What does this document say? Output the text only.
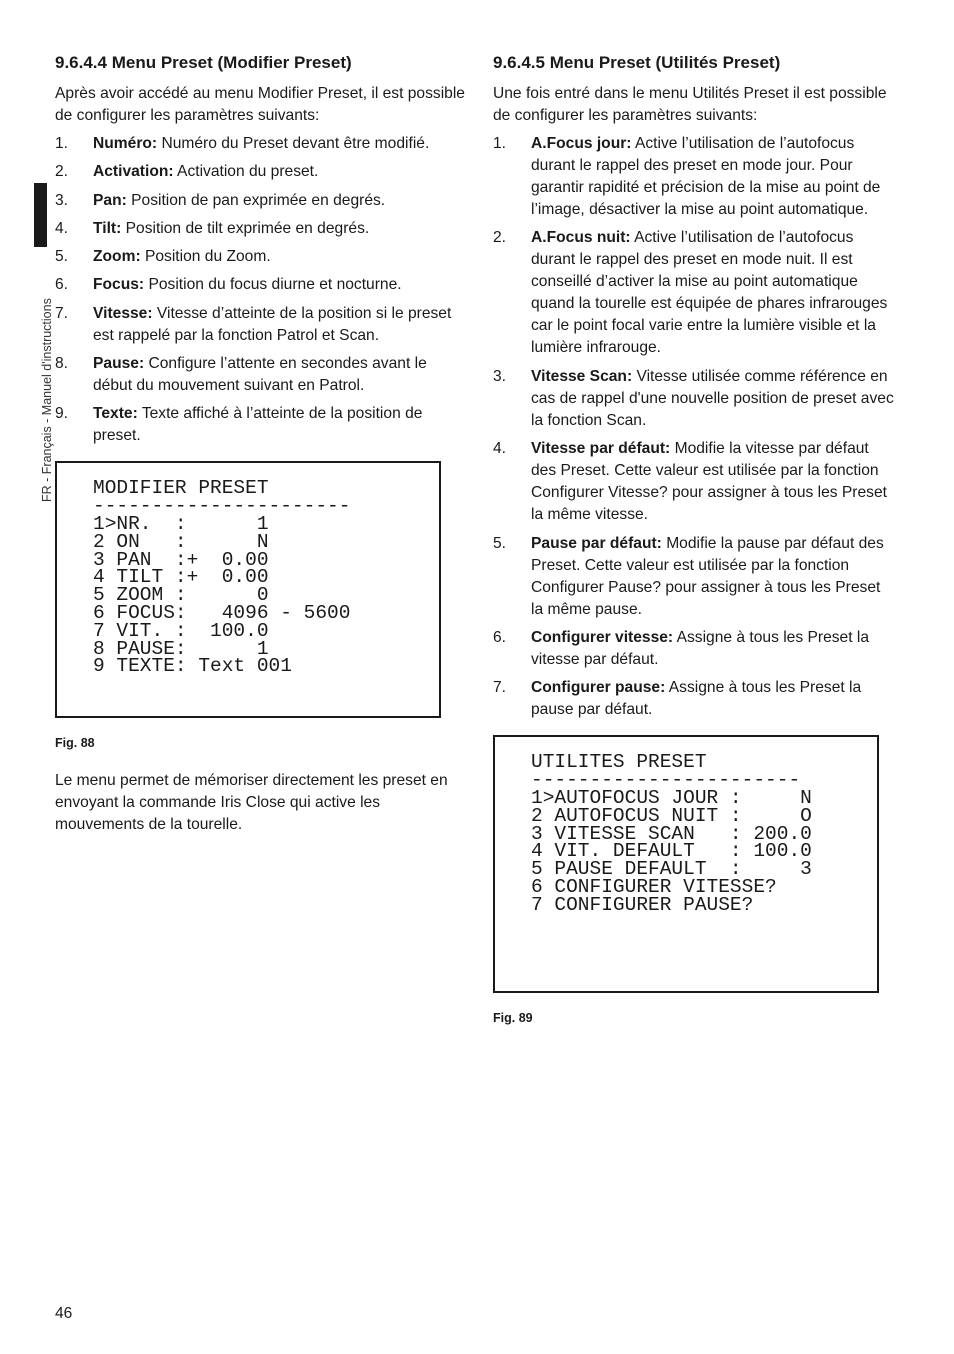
FR - Français - Manuel d'instructions
9.6.4.4 Menu Preset (Modifier Preset)

Après avoir accédé au menu Modifier Preset, il est possible de configurer les paramètres suivants:

1.	Numéro: Numéro du Preset devant être modifié.
2.	Activation: Activation du preset.
3.	Pan: Position de pan exprimée en degrés.
4.	Tilt: Position de tilt exprimée en degrés.
5.	Zoom: Position du Zoom.
6.	Focus: Position du focus diurne et nocturne.
7.	Vitesse: Vitesse d’atteinte de la position si le preset est rappelé par la fonction Patrol et Scan.
8.	Pause: Configure l’attente en secondes avant le début du mouvement suivant en Patrol.
9.	Texte: Texte affiché à l’atteinte de la position de preset.
MODIFIER PRESET
----------------------
1>NR.  :      1
2 ON   :      N
3 PAN  :+  0.00
4 TILT :+  0.00
5 ZOOM :      0
6 FOCUS:   4096 - 5600
7 VIT. :  100.0
8 PAUSE:      1
9 TEXTE: Text 001
Fig. 88

Le menu permet de mémoriser directement les preset en envoyant la commande Iris Close qui active les mouvements de la tourelle.

9.6.4.5 Menu Preset (Utilités Preset)

Une fois entré dans le menu Utilités Preset il est possible de configurer les paramètres suivants:

1.	A.Focus jour: Active l’utilisation de l’autofocus durant le rappel des preset en mode jour. Pour garantir rapidité et précision de la mise au point de l’image, désactiver la mise au point automatique.
2.	A.Focus nuit: Active l’utilisation de l’autofocus durant le rappel des preset en mode nuit. Il est conseillé d’activer la mise au point automatique quand la tourelle est équipée de phares infrarouges car le point focal varie entre la lumière visible et la lumière infrarouge.
3.	Vitesse Scan: Vitesse utilisée comme référence en cas de rappel d'une nouvelle position de preset avec la fonction Scan.
4.	Vitesse par défaut: Modifie la vitesse par défaut des Preset. Cette valeur est utilisée par la fonction Configurer Vitesse? pour assigner à tous les Preset la même vitesse.
5.	Pause par défaut: Modifie la pause par défaut des Preset. Cette valeur est utilisée par la fonction Configurer Pause? pour assigner à tous les Preset la même pause.
6.	Configurer vitesse: Assigne à tous les Preset la vitesse par défaut.
7.	Configurer pause: Assigne à tous les Preset la pause par défaut.
UTILITES PRESET
-----------------------
1>AUTOFOCUS JOUR :     N
2 AUTOFOCUS NUIT :     O
3 VITESSE SCAN   : 200.0
4 VIT. DEFAULT   : 100.0
5 PAUSE DEFAULT  :     3
6 CONFIGURER VITESSE?
7 CONFIGURER PAUSE?
Fig. 89
46
